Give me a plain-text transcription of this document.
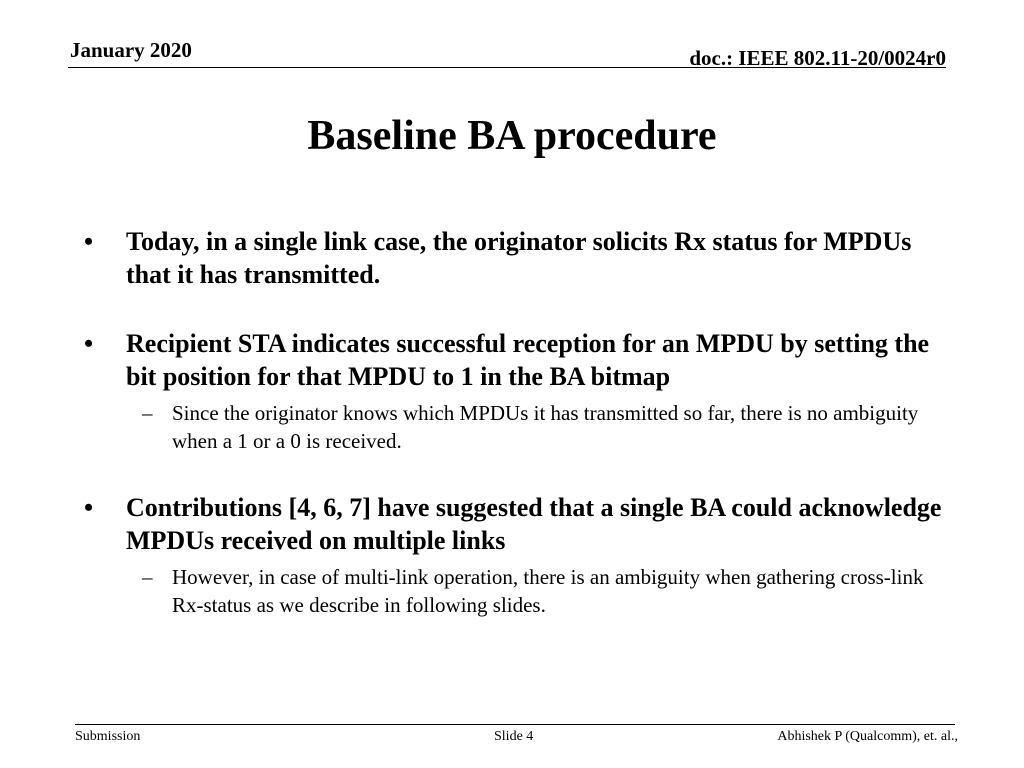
January 2020	doc.: IEEE 802.11-20/0024r0
Baseline BA procedure
• Today, in a single link case, the originator solicits Rx status for MPDUs that it has transmitted.
• Recipient STA indicates successful reception for an MPDU by setting the bit position for that MPDU to 1 in the BA bitmap
– Since the originator knows which MPDUs it has transmitted so far, there is no ambiguity when a 1 or a 0 is received.
• Contributions [4, 6, 7] have suggested that a single BA could acknowledge MPDUs received on multiple links
– However, in case of multi-link operation, there is an ambiguity when gathering cross-link Rx-status as we describe in following slides.
Submission	Slide 4	Abhishek P (Qualcomm), et. al.,
